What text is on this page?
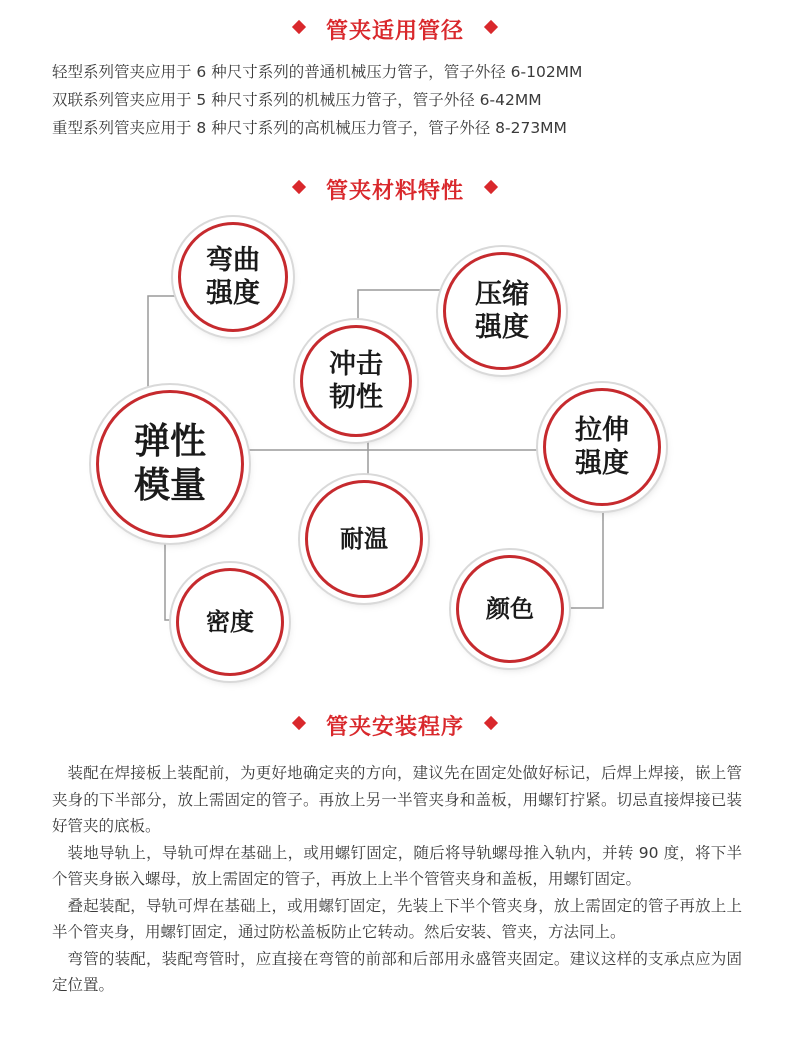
管夹适用管径
轻型系列管夹应用于 6 种尺寸系列的普通机械压力管子，管子外径 6-102MM
双联系列管夹应用于 5 种尺寸系列的机械压力管子，管子外径 6-42MM
重型系列管夹应用于 8 种尺寸系列的高机械压力管子，管子外径 8-273MM
管夹材料特性
弯曲
强度	压缩
强度
冲击
韧性
弹性
模量
拉伸
强度
耐温
密度	颜色
管夹安装程序

装配在焊接板上装配前，为更好地确定夹的方向，建议先在固定处做好标记，后焊上焊接，嵌上管夹身的下半部分，放上需固定的管子。再放上另一半管夹身和盖板，用螺钉拧紧。切忌直接焊接已装好管夹的底板。

装地导轨上，导轨可焊在基础上，或用螺钉固定，随后将导轨螺母推入轨内，并转 90 度，将下半个管夹身嵌入螺母，放上需固定的管子，再放上上半个管管夹身和盖板，用螺钉固定。

叠起装配，导轨可焊在基础上，或用螺钉固定，先装上下半个管夹身，放上需固定的管子再放上上半个管夹身，用螺钉固定，通过防松盖板防止它转动。然后安装、管夹，方法同上。

弯管的装配，装配弯管时，应直接在弯管的前部和后部用永盛管夹固定。建议这样的支承点应为固定位置。
